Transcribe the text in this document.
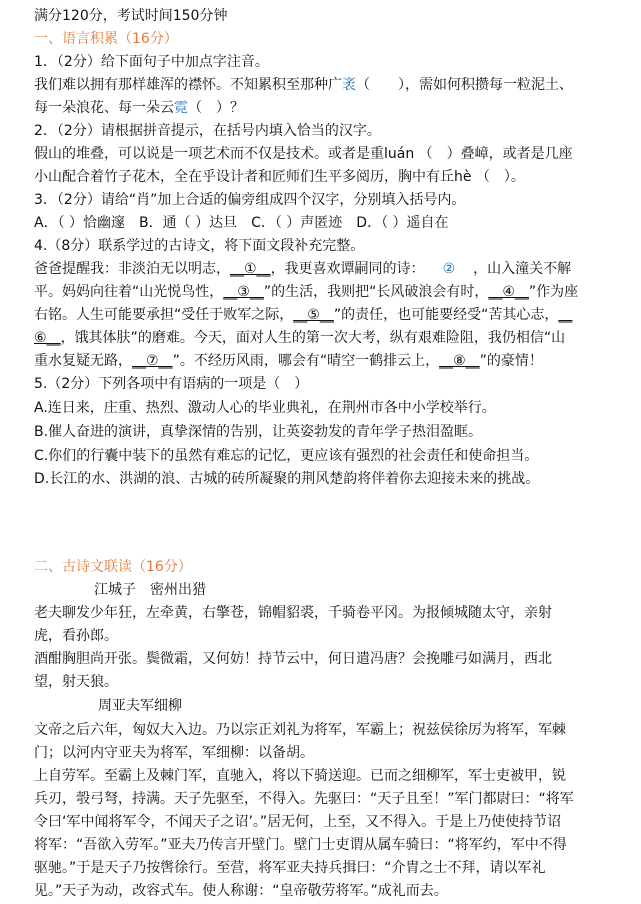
满分120分，考试时间150分钟
一、语言积累（16分）
1．（2分）给下面句子中加点字注音。
我们难以拥有那样雄浑的襟怀。不知累积至那种广袤（　　），需如何积攒每一粒泥土、
每一朵浪花、每一朵云霓（　）？
2．（2分）请根据拼音提示，在括号内填入恰当的汉字。
假山的堆叠，可以说是一项艺术而不仅是技术。或者是重luán （　）叠嶂，或者是几座
小山配合着竹子花木，全在乎设计者和匠师们生平多阅历，胸中有丘hè （　）。
3．（2分）请给“肖”加上合适的偏旁组成四个汉字，分别填入括号内。
A．（ ）恰幽邃　B．通（ ）达旦　C．（ ）声匿迹　D．（ ）遥自在
4.（8分）联系学过的古诗文，将下面文段补充完整。
爸爸提醒我：非淡泊无以明志，__①__，我更喜欢谭嗣同的诗： ② ，山入潼关不解
平。妈妈向往着“山光悦鸟性，__③__”的生活，我则把“长风破浪会有时，__④__”作为座
右铭。人生可能要承担“受任于败军之际，__⑤__”的责任，也可能要经受“苦其心志，__
⑥__，饿其体肤”的磨难。今天，面对人生的第一次大考，纵有艰难险阻，我仍相信“山
重水复疑无路，__⑦__”。不经历风雨，哪会有“晴空一鹤排云上，__⑧__”的豪情！
5.（2分）下列各项中有语病的一项是（　）
A.连日来，庄重、热烈、激动人心的毕业典礼，在荆州市各中小学校举行。
B.催人奋进的演讲，真挚深情的告别，让英姿勃发的青年学子热泪盈眶。
C.你们的行囊中装下的虽然有难忘的记忆，更应该有强烈的社会责任和使命担当。
D.长江的水、洪湖的浪、古城的砖所凝聚的荆风楚韵将伴着你去迎接未来的挑战。
二、古诗文联读（16分）
江城子　密州出猎
老夫聊发少年狂，左牵黄，右擎苍，锦帽貂裘，千骑卷平冈。为报倾城随太守，亲射
虎，看孙郎。
酒酣胸胆尚开张。鬓微霜，又何妨！持节云中，何日遣冯唐？会挽雕弓如满月，西北
望，射天狼。
周亚夫军细柳
文帝之后六年，匈奴大入边。乃以宗正刘礼为将军，军霸上；祝兹侯徐厉为将军，军棘
门；以河内守亚夫为将军，军细柳：以备胡。
上自劳军。至霸上及棘门军，直驰入，将以下骑送迎。已而之细柳军，军士吏被甲，锐
兵刃，彀弓弩，持满。天子先驱至，不得入。先驱曰：“天子且至！”军门都尉曰：“将军
令曰‘军中闻将军令，不闻天子之诏’。”居无何，上至，又不得入。于是上乃使使持节诏
将军：“吾欲入劳军。”亚夫乃传言开壁门。壁门士吏谓从属车骑曰：“将军约，军中不得
驱驰。”于是天子乃按辔徐行。至营，将军亚夫持兵揖曰：“介胄之士不拜，请以军礼
见。”天子为动，改容式车。使人称谢：“皇帝敬劳将军。”成礼而去。
